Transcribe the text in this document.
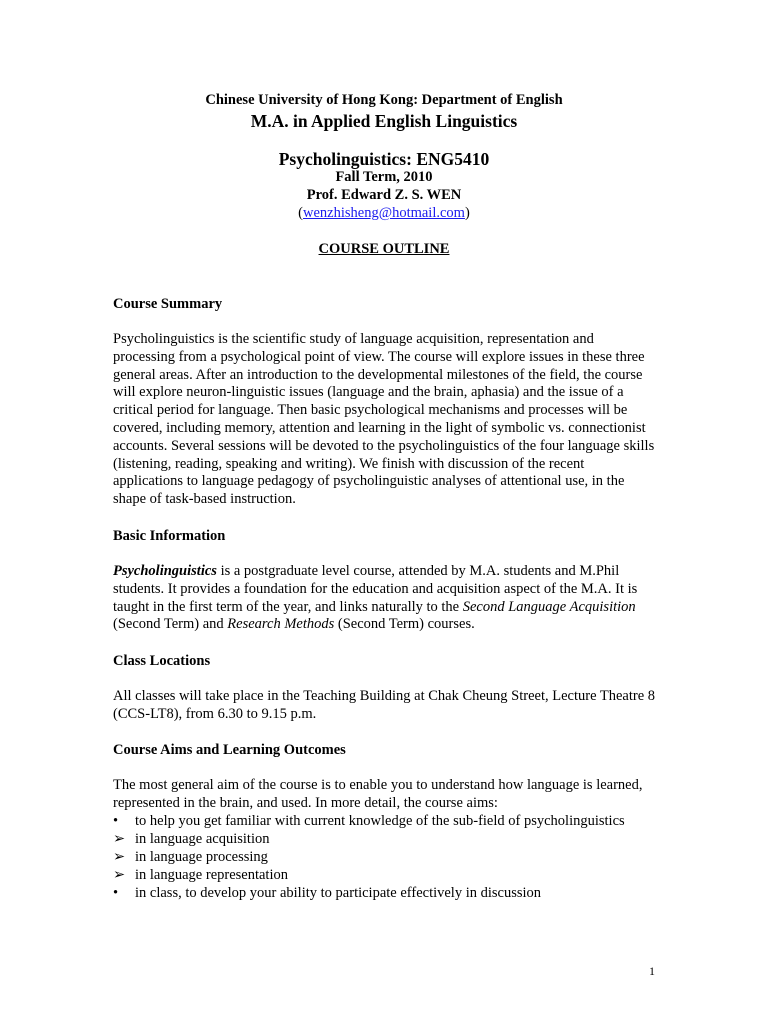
Chinese University of Hong Kong: Department of English
M.A. in Applied English Linguistics
Psycholinguistics: ENG5410
Fall Term, 2010
Prof. Edward Z. S. WEN
(wenzhisheng@hotmail.com)
COURSE OUTLINE
Course Summary
Psycholinguistics is the scientific study of language acquisition, representation and processing from a psychological point of view. The course will explore issues in these three general areas. After an introduction to the developmental milestones of the field, the course will explore neuron-linguistic issues (language and the brain, aphasia) and the issue of a critical period for language. Then basic psychological mechanisms and processes will be covered, including memory, attention and learning in the light of symbolic vs. connectionist accounts. Several sessions will be devoted to the psycholinguistics of the four language skills (listening, reading, speaking and writing). We finish with discussion of the recent applications to language pedagogy of psycholinguistic analyses of attentional use, in the shape of task-based instruction.
Basic Information
Psycholinguistics is a postgraduate level course, attended by M.A. students and M.Phil students. It provides a foundation for the education and acquisition aspect of the M.A. It is taught in the first term of the year, and links naturally to the Second Language Acquisition (Second Term) and Research Methods (Second Term) courses.
Class Locations
All classes will take place in the Teaching Building at Chak Cheung Street, Lecture Theatre 8 (CCS-LT8), from 6.30 to 9.15 p.m.
Course Aims and Learning Outcomes
The most general aim of the course is to enable you to understand how language is learned, represented in the brain, and used. In more detail, the course aims:
• to help you get familiar with current knowledge of the sub-field of psycholinguistics
➢ in language acquisition
➢ in language processing
➢ in language representation
• in class, to develop your ability to participate effectively in discussion
1
